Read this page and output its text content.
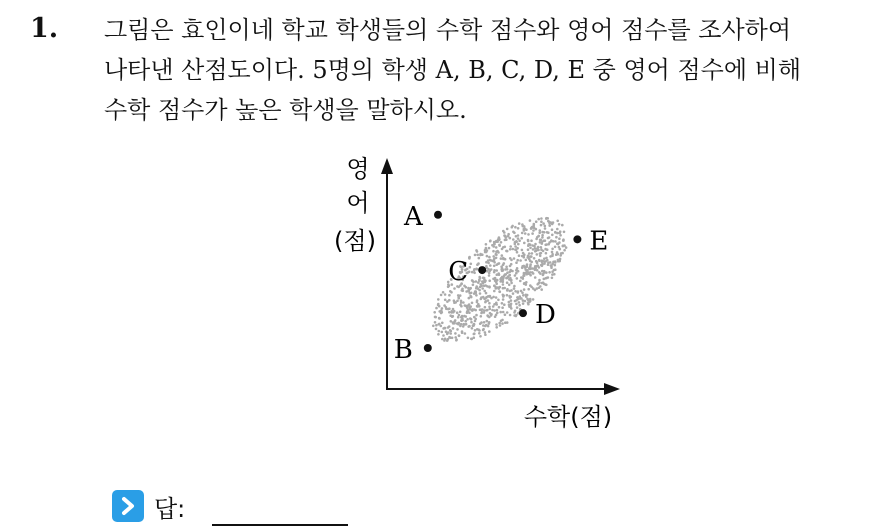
1. 그림은 효인이네 학교 학생들의 수학 점수와 영어 점수를 조사하여
나타낸 산점도이다. 5명의 학생 A, B, C, D, E 중 영어 점수에 비해
수학 점수가 높은 학생을 말하시오.
영
어
(점)
수학(점)
A
B
C
D
E
답:
